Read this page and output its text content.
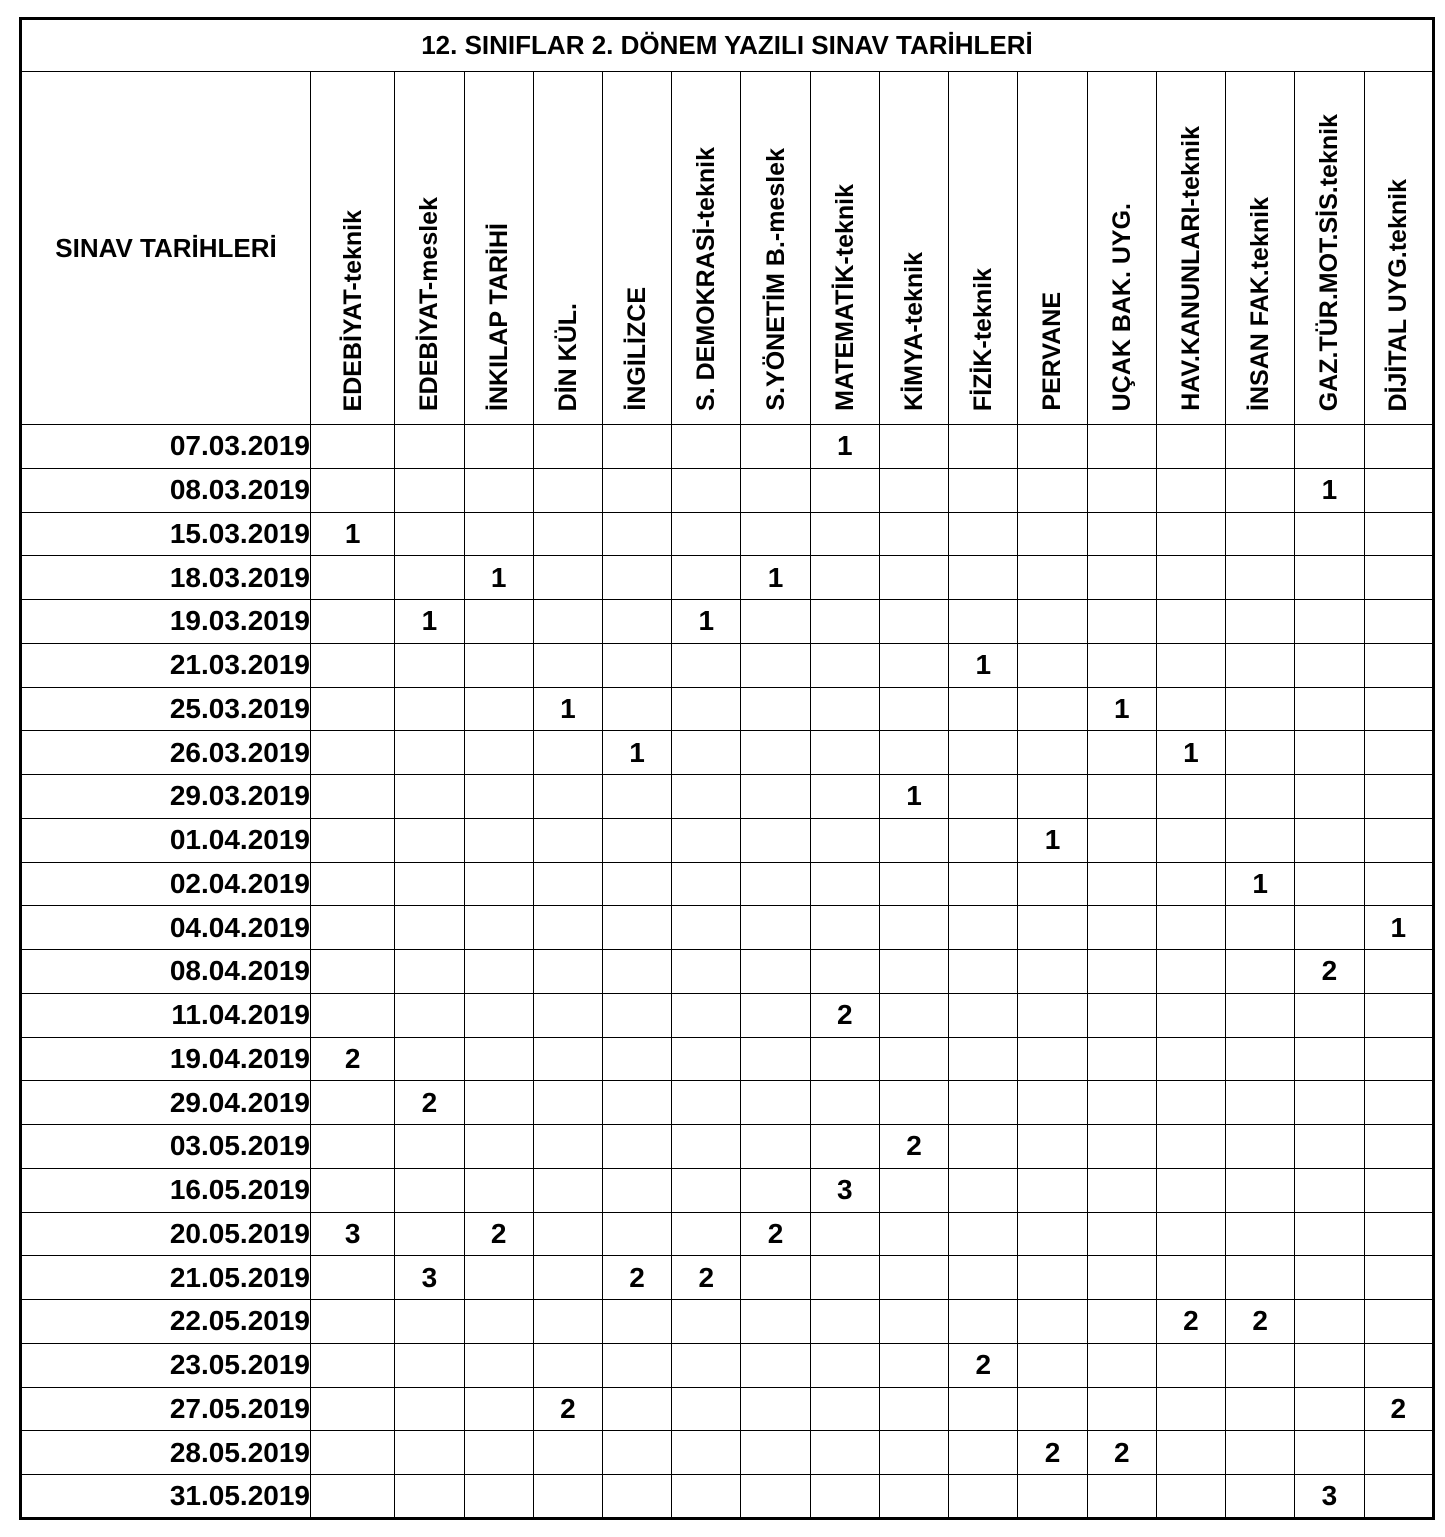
12. SINIFLAR 2. DÖNEM YAZILI SINAV TARİHLERİ																
SINAV TARİHLERİ	EDEBİYAT-teknik	EDEBİYAT-meslek	İNKILAP TARİHİ	DİN KÜL.	İNGİLİZCE	S. DEMOKRASİ-teknik	S.YÖNETİM B.-meslek	MATEMATİK-teknik	KİMYA-teknik	FİZİK-teknik	PERVANE	UÇAK BAK. UYG.	HAV.KANUNLARI-teknik	İNSAN FAK.teknik	GAZ.TÜR.MOT.SİS.teknik	DİJİTAL UYG.teknik
07.03.2019								1								
08.03.2019															1	
15.03.2019	1															
18.03.2019			1				1									
19.03.2019		1				1										
21.03.2019										1						
25.03.2019				1								1				
26.03.2019					1								1			
29.03.2019									1							
01.04.2019											1					
02.04.2019														1		
04.04.2019																1
08.04.2019															2	
11.04.2019								2								
19.04.2019	2															
29.04.2019		2														
03.05.2019									2							
16.05.2019								3								
20.05.2019	3		2				2									
21.05.2019		3			2	2										
22.05.2019													2	2		
23.05.2019										2						
27.05.2019				2												2
28.05.2019											2	2				
31.05.2019															3	
